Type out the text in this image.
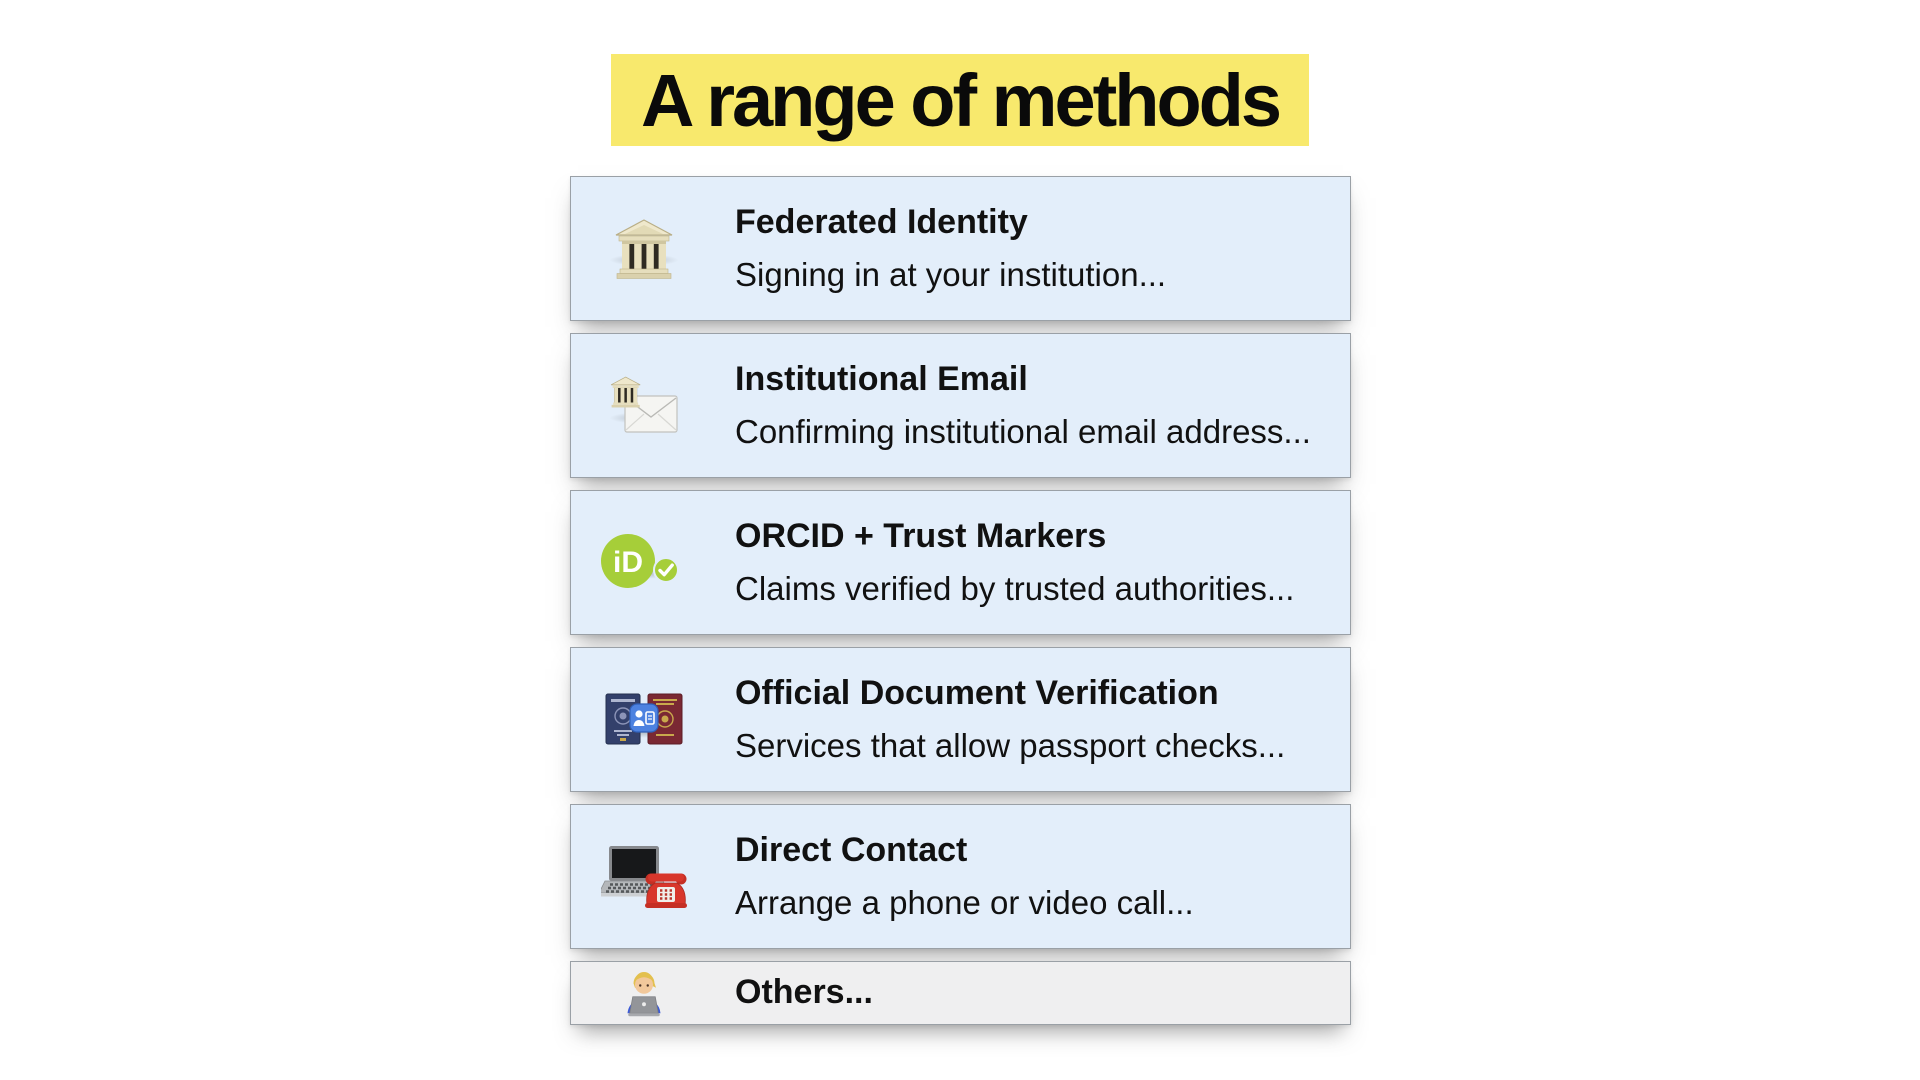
A range of methods
Federated Identity
Signing in at your institution...
Institutional Email
Confirming institutional email address...
iD
ORCID + Trust Markers
Claims verified by trusted authorities...
Official Document Verification
Services that allow passport checks...
Direct Contact
Arrange a phone or video call...
Others...
